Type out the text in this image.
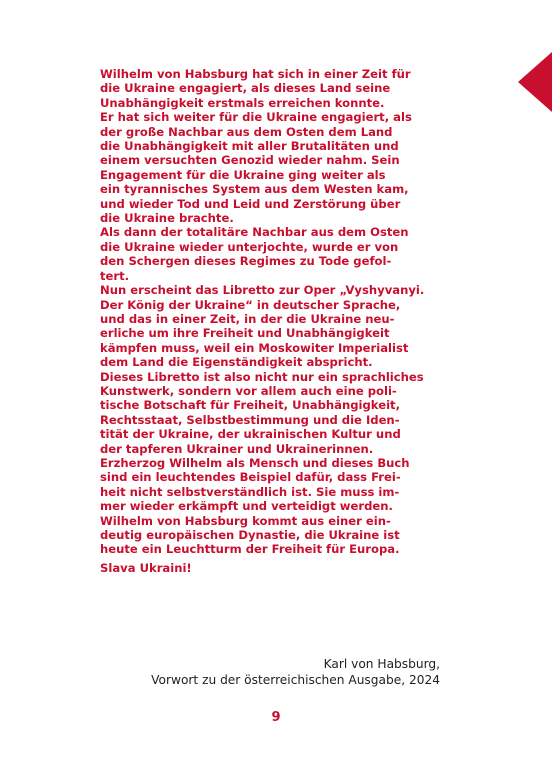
Wilhelm von Habsburg hat sich in einer Zeit für
die Ukraine engagiert, als dieses Land seine
Unabhängigkeit erstmals erreichen konnte.
Er hat sich weiter für die Ukraine engagiert, als
der große Nachbar aus dem Osten dem Land
die Unabhängigkeit mit aller Brutalitäten und
einem versuchten Genozid wieder nahm. Sein
Engagement für die Ukraine ging weiter als
ein tyrannisches System aus dem Westen kam,
und wieder Tod und Leid und Zerstörung über
die Ukraine brachte.
Als dann der totalitäre Nachbar aus dem Osten
die Ukraine wieder unterjochte, wurde er von
den Schergen dieses Regimes zu Tode gefol-
tert.
Nun erscheint das Libretto zur Oper „Vyshyvanyi.
Der König der Ukraine“ in deutscher Sprache,
und das in einer Zeit, in der die Ukraine neu-
erliche um ihre Freiheit und Unabhängigkeit
kämpfen muss, weil ein Moskowiter Imperialist
dem Land die Eigenständigkeit abspricht.
Dieses Libretto ist also nicht nur ein sprachliches
Kunstwerk, sondern vor allem auch eine poli-
tische Botschaft für Freiheit, Unabhängigkeit,
Rechtsstaat, Selbstbestimmung und die Iden-
tität der Ukraine, der ukrainischen Kultur und
der tapferen Ukrainer und Ukrainerinnen.
Erzherzog Wilhelm als Mensch und dieses Buch
sind ein leuchtendes Beispiel dafür, dass Frei-
heit nicht selbstverständlich ist. Sie muss im-
mer wieder erkämpft und verteidigt werden.
Wilhelm von Habsburg kommt aus einer ein-
deutig europäischen Dynastie, die Ukraine ist
heute ein Leuchtturm der Freiheit für Europa.
Slava Ukraini!
Karl von Habsburg,
Vorwort zu der österreichischen Ausgabe, 2024
9
